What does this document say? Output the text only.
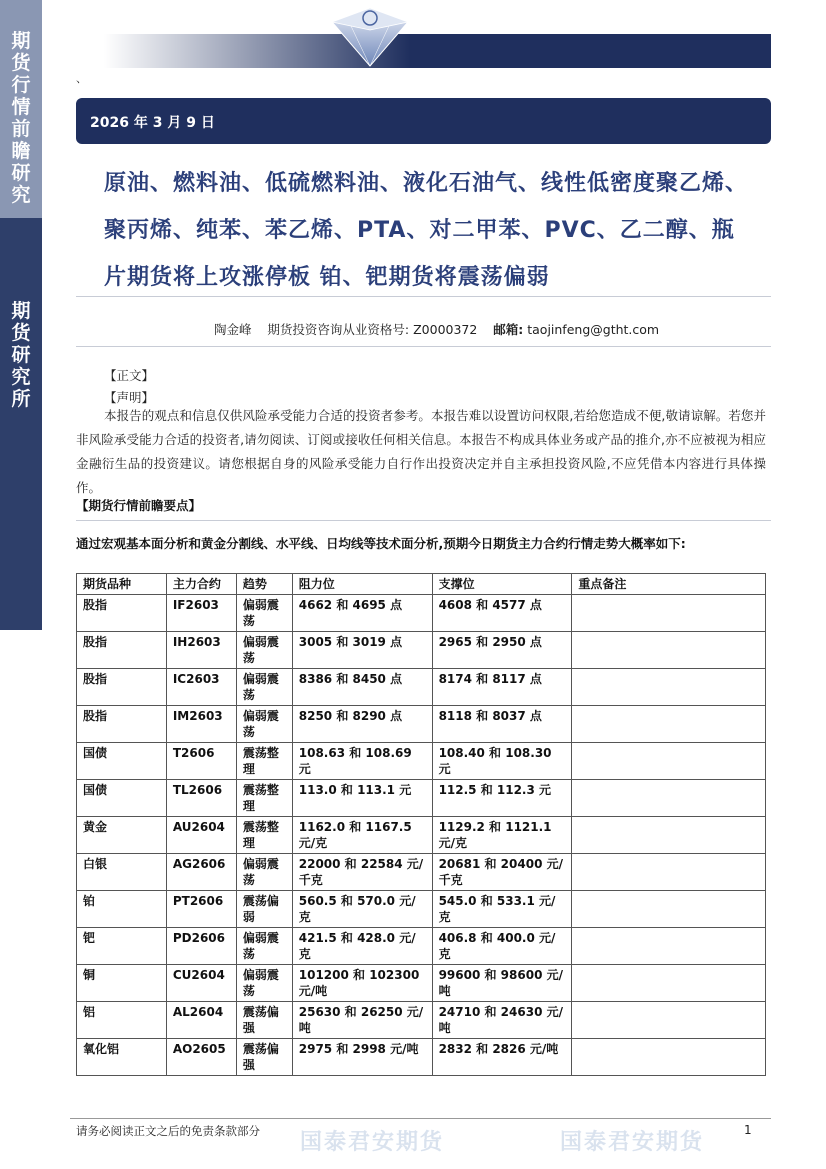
期
货
行
情
前
瞻
研
究
期
货
研
究
所
、
2026 年 3 月 9 日
原油、燃料油、低硫燃料油、液化石油气、线性低密度聚乙烯、聚丙烯、纯苯、苯乙烯、PTA、对二甲苯、PVC、乙二醇、瓶片期货将上攻涨停板 铂、钯期货将震荡偏弱
陶金峰 期货投资咨询从业资格号: Z0000372 邮箱: taojinfeng@gtht.com
【正文】
【声明】
本报告的观点和信息仅供风险承受能力合适的投资者参考。本报告难以设置访问权限,若给您造成不便,敬请谅解。若您并非风险承受能力合适的投资者,请勿阅读、订阅或接收任何相关信息。本报告不构成具体业务或产品的推介,亦不应被视为相应金融衍生品的投资建议。请您根据自身的风险承受能力自行作出投资决定并自主承担投资风险,不应凭借本内容进行具体操作。
【期货行情前瞻要点】
通过宏观基本面分析和黄金分割线、水平线、日均线等技术面分析,预期今日期货主力合约行情走势大概率如下:
期货品种	主力合约	趋势	阻力位	支撑位	重点备注
股指	IF2603	偏弱震荡	4662 和 4695 点	4608 和 4577 点	
股指	IH2603	偏弱震荡	3005 和 3019 点	2965 和 2950 点	
股指	IC2603	偏弱震荡	8386 和 8450 点	8174 和 8117 点	
股指	IM2603	偏弱震荡	8250 和 8290 点	8118 和 8037 点	
国债	T2606	震荡整理	108.63 和 108.69 元	108.40 和 108.30 元	
国债	TL2606	震荡整理	113.0 和 113.1 元	112.5 和 112.3 元	
黄金	AU2604	震荡整理	1162.0 和 1167.5 元/克	1129.2 和 1121.1 元/克	
白银	AG2606	偏弱震荡	22000 和 22584 元/千克	20681 和 20400 元/千克	
铂	PT2606	震荡偏弱	560.5 和 570.0 元/克	545.0 和 533.1 元/克	
钯	PD2606	偏弱震荡	421.5 和 428.0 元/克	406.8 和 400.0 元/克	
铜	CU2604	偏弱震荡	101200 和 102300 元/吨	99600 和 98600 元/吨	
铝	AL2604	震荡偏强	25630 和 26250 元/吨	24710 和 24630 元/吨	
氧化铝	AO2605	震荡偏强	2975 和 2998 元/吨	2832 和 2826 元/吨	
国泰君安期货	国泰君安期货
请务必阅读正文之后的免责条款部分	1
